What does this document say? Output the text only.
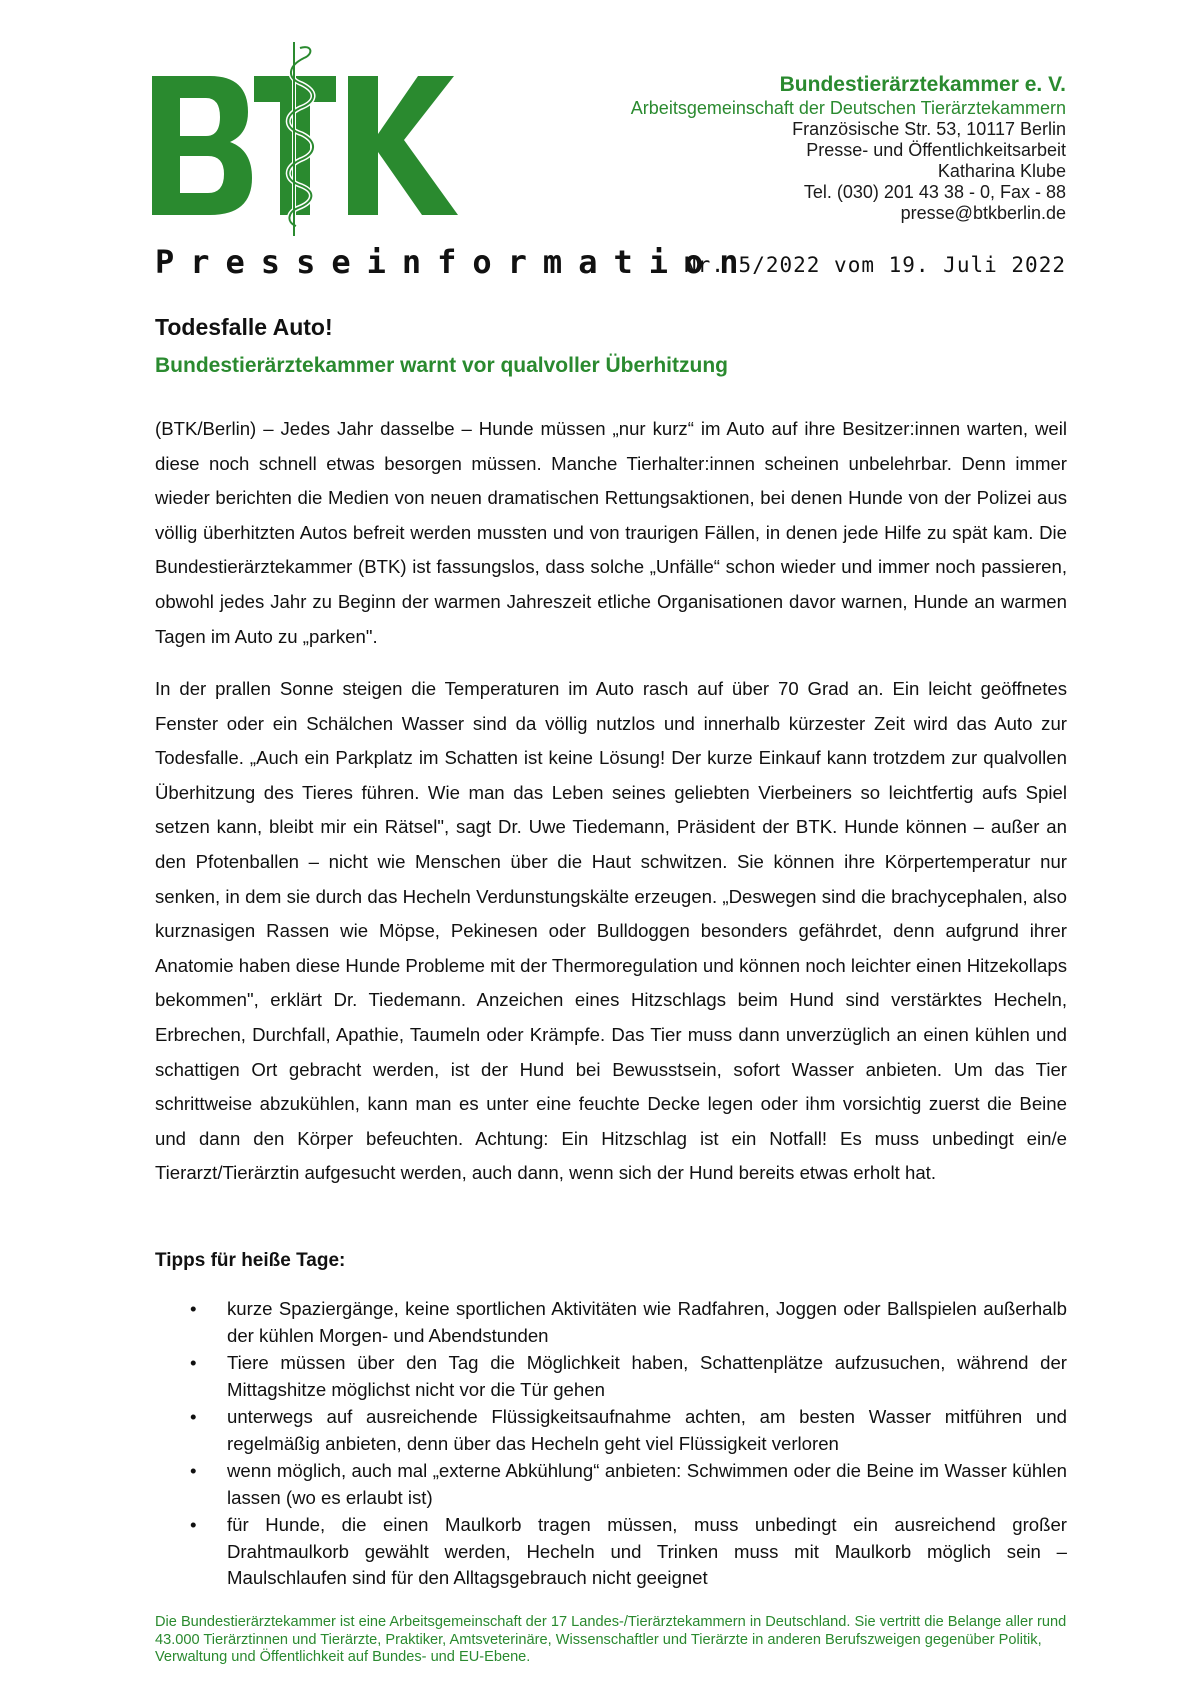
Bundestierärztekammer e. V.
Arbeitsgemeinschaft der Deutschen Tierärztekammern
Französische Str. 53, 10117 Berlin
Presse- und Öffentlichkeitsarbeit
Katharina Klube
Tel. (030) 201 43 38 - 0, Fax - 88
presse@btkberlin.de
Presseinformation
Nr. 5/2022 vom 19. Juli 2022
Todesfalle Auto!
Bundestierärztekammer warnt vor qualvoller Überhitzung
(BTK/Berlin) – Jedes Jahr dasselbe – Hunde müssen „nur kurz“ im Auto auf ihre Besitzer:innen warten, weil diese noch schnell etwas besorgen müssen. Manche Tierhalter:innen scheinen unbelehrbar. Denn immer wieder berichten die Medien von neuen dramatischen Rettungsaktionen, bei denen Hunde von der Polizei aus völlig überhitzten Autos befreit werden mussten und von traurigen Fällen, in denen jede Hilfe zu spät kam. Die Bundestierärztekammer (BTK) ist fassungslos, dass solche „Unfälle“ schon wieder und immer noch passieren, obwohl jedes Jahr zu Beginn der warmen Jahreszeit etliche Organisationen davor warnen, Hunde an warmen Tagen im Auto zu „parken".
In der prallen Sonne steigen die Temperaturen im Auto rasch auf über 70 Grad an. Ein leicht geöffnetes Fenster oder ein Schälchen Wasser sind da völlig nutzlos und innerhalb kürzester Zeit wird das Auto zur Todesfalle. „Auch ein Parkplatz im Schatten ist keine Lösung! Der kurze Einkauf kann trotzdem zur qualvollen Überhitzung des Tieres führen. Wie man das Leben seines geliebten Vierbeiners so leichtfertig aufs Spiel setzen kann, bleibt mir ein Rätsel", sagt Dr. Uwe Tiedemann, Präsident der BTK. Hunde können – außer an den Pfotenballen – nicht wie Menschen über die Haut schwitzen. Sie können ihre Körpertemperatur nur senken, in dem sie durch das Hecheln Verdunstungskälte erzeugen. „Deswegen sind die brachycephalen, also kurznasigen Rassen wie Möpse, Pekinesen oder Bulldoggen besonders gefährdet, denn aufgrund ihrer Anatomie haben diese Hunde Probleme mit der Thermoregulation und können noch leichter einen Hitzekollaps bekommen", erklärt Dr. Tiedemann. Anzeichen eines Hitzschlags beim Hund sind verstärktes Hecheln, Erbrechen, Durchfall, Apathie, Taumeln oder Krämpfe. Das Tier muss dann unverzüglich an einen kühlen und schattigen Ort gebracht werden, ist der Hund bei Bewusstsein, sofort Wasser anbieten. Um das Tier schrittweise abzukühlen, kann man es unter eine feuchte Decke legen oder ihm vorsichtig zuerst die Beine und dann den Körper befeuchten. Achtung: Ein Hitzschlag ist ein Notfall! Es muss unbedingt ein/e Tierarzt/Tierärztin aufgesucht werden, auch dann, wenn sich der Hund bereits etwas erholt hat.
Tipps für heiße Tage:
• kurze Spaziergänge, keine sportlichen Aktivitäten wie Radfahren, Joggen oder Ballspielen außerhalb der kühlen Morgen- und Abendstunden
• Tiere müssen über den Tag die Möglichkeit haben, Schattenplätze aufzusuchen, während der Mittagshitze möglichst nicht vor die Tür gehen
• unterwegs auf ausreichende Flüssigkeitsaufnahme achten, am besten Wasser mitführen und regelmäßig anbieten, denn über das Hecheln geht viel Flüssigkeit verloren
• wenn möglich, auch mal „externe Abkühlung“ anbieten: Schwimmen oder die Beine im Wasser kühlen lassen (wo es erlaubt ist)
• für Hunde, die einen Maulkorb tragen müssen, muss unbedingt ein ausreichend großer Drahtmaulkorb gewählt werden, Hecheln und Trinken muss mit Maulkorb möglich sein – Maulschlaufen sind für den Alltagsgebrauch nicht geeignet
Die Bundestierärztekammer ist eine Arbeitsgemeinschaft der 17 Landes-/Tierärztekammern in Deutschland. Sie vertritt die Belange aller rund 43.000 Tierärztinnen und Tierärzte, Praktiker, Amtsveterinäre, Wissenschaftler und Tierärzte in anderen Berufszweigen gegenüber Politik, Verwaltung und Öffentlichkeit auf Bundes- und EU-Ebene.
